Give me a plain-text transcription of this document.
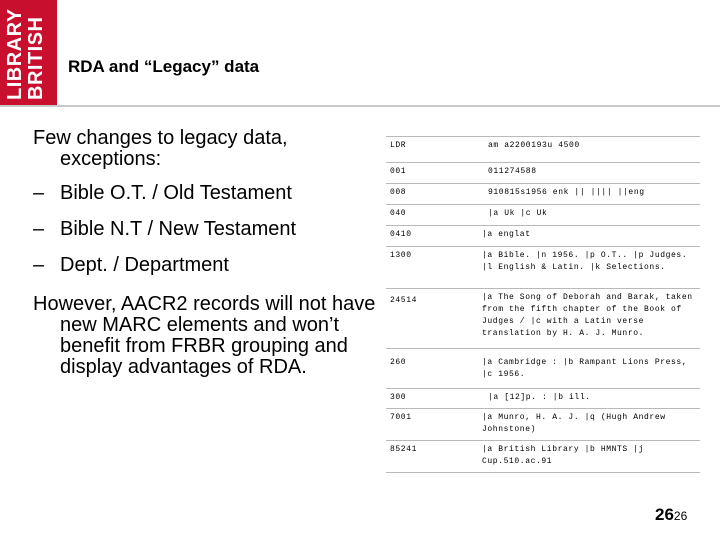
LIBRARY BRITISH RDA and “Legacy” data

Few changes to legacy data, exceptions:

– Bible O.T. / Old Testament

– Bible N.T / New Testament

– Dept. / Department

However, AACR2 records will not have new MARC elements and won’t benefit from FRBR grouping and display advantages of RDA.

LDR	am a2200193u 4500
001	011274588
008	910815s1956 enk || |||| ||eng
040	|a Uk |c Uk
0410	|a englat
1300	|a Bible. |n 1956. |p O.T.. |p Judges. |l English & Latin. |k Selections.
24514	|a The Song of Deborah and Barak, taken from the fifth chapter of the Book of Judges / |c with a Latin verse translation by H. A. J. Munro.
260	|a Cambridge : |b Rampant Lions Press, |c 1956.
300	|a [12]p. : |b ill.
7001	|a Munro, H. A. J. |q (Hugh Andrew Johnstone)
85241	|a British Library |b HMNTS |j Cup.510.ac.91
2626
